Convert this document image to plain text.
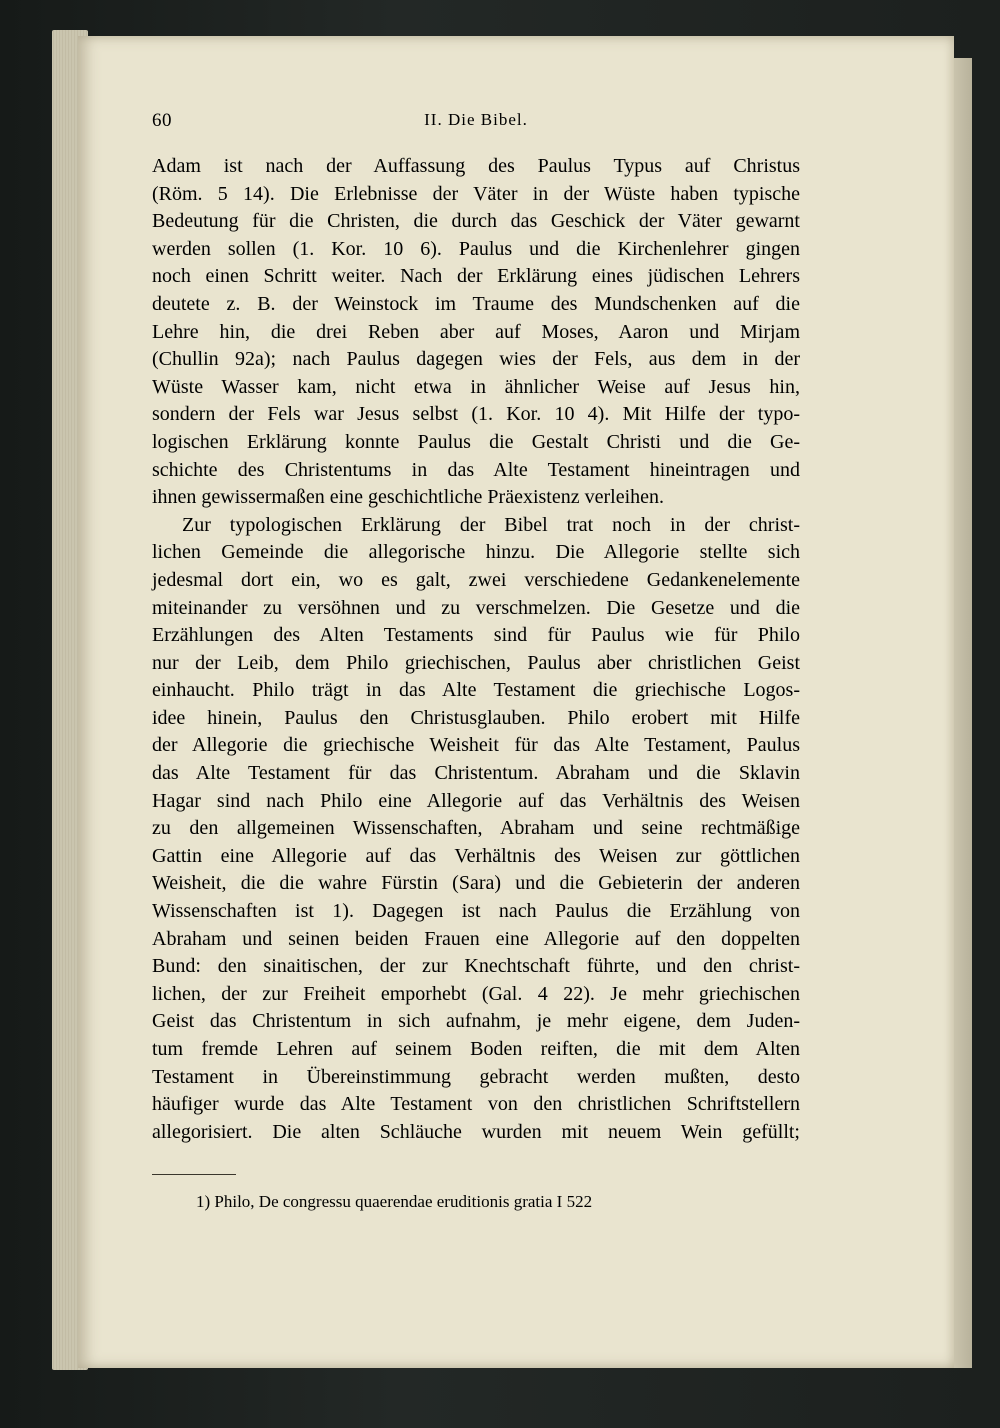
60	II. Die Bibel.
Adam ist nach der Auffassung des Paulus Typus auf Christus
(Röm. 5 14). Die Erlebnisse der Väter in der Wüste haben typische
Bedeutung für die Christen, die durch das Geschick der Väter gewarnt
werden sollen (1. Kor. 10 6). Paulus und die Kirchenlehrer gingen
noch einen Schritt weiter. Nach der Erklärung eines jüdischen Lehrers
deutete z. B. der Weinstock im Traume des Mundschenken auf die
Lehre hin, die drei Reben aber auf Moses, Aaron und Mirjam
(Chullin 92a); nach Paulus dagegen wies der Fels, aus dem in der
Wüste Wasser kam, nicht etwa in ähnlicher Weise auf Jesus hin,
sondern der Fels war Jesus selbst (1. Kor. 10 4). Mit Hilfe der typo-
logischen Erklärung konnte Paulus die Gestalt Christi und die Ge-
schichte des Christentums in das Alte Testament hineintragen und
ihnen gewissermaßen eine geschichtliche Präexistenz verleihen.
Zur typologischen Erklärung der Bibel trat noch in der christ-
lichen Gemeinde die allegorische hinzu. Die Allegorie stellte sich
jedesmal dort ein, wo es galt, zwei verschiedene Gedankenelemente
miteinander zu versöhnen und zu verschmelzen. Die Gesetze und die
Erzählungen des Alten Testaments sind für Paulus wie für Philo
nur der Leib, dem Philo griechischen, Paulus aber christlichen Geist
einhaucht. Philo trägt in das Alte Testament die griechische Logos-
idee hinein, Paulus den Christusglauben. Philo erobert mit Hilfe
der Allegorie die griechische Weisheit für das Alte Testament, Paulus
das Alte Testament für das Christentum. Abraham und die Sklavin
Hagar sind nach Philo eine Allegorie auf das Verhältnis des Weisen
zu den allgemeinen Wissenschaften, Abraham und seine rechtmäßige
Gattin eine Allegorie auf das Verhältnis des Weisen zur göttlichen
Weisheit, die die wahre Fürstin (Sara) und die Gebieterin der anderen
Wissenschaften ist 1). Dagegen ist nach Paulus die Erzählung von
Abraham und seinen beiden Frauen eine Allegorie auf den doppelten
Bund: den sinaitischen, der zur Knechtschaft führte, und den christ-
lichen, der zur Freiheit emporhebt (Gal. 4 22). Je mehr griechischen
Geist das Christentum in sich aufnahm, je mehr eigene, dem Juden-
tum fremde Lehren auf seinem Boden reiften, die mit dem Alten
Testament in Übereinstimmung gebracht werden mußten, desto
häufiger wurde das Alte Testament von den christlichen Schriftstellern
allegorisiert. Die alten Schläuche wurden mit neuem Wein gefüllt;
1) Philo, De congressu quaerendae eruditionis gratia I 522
